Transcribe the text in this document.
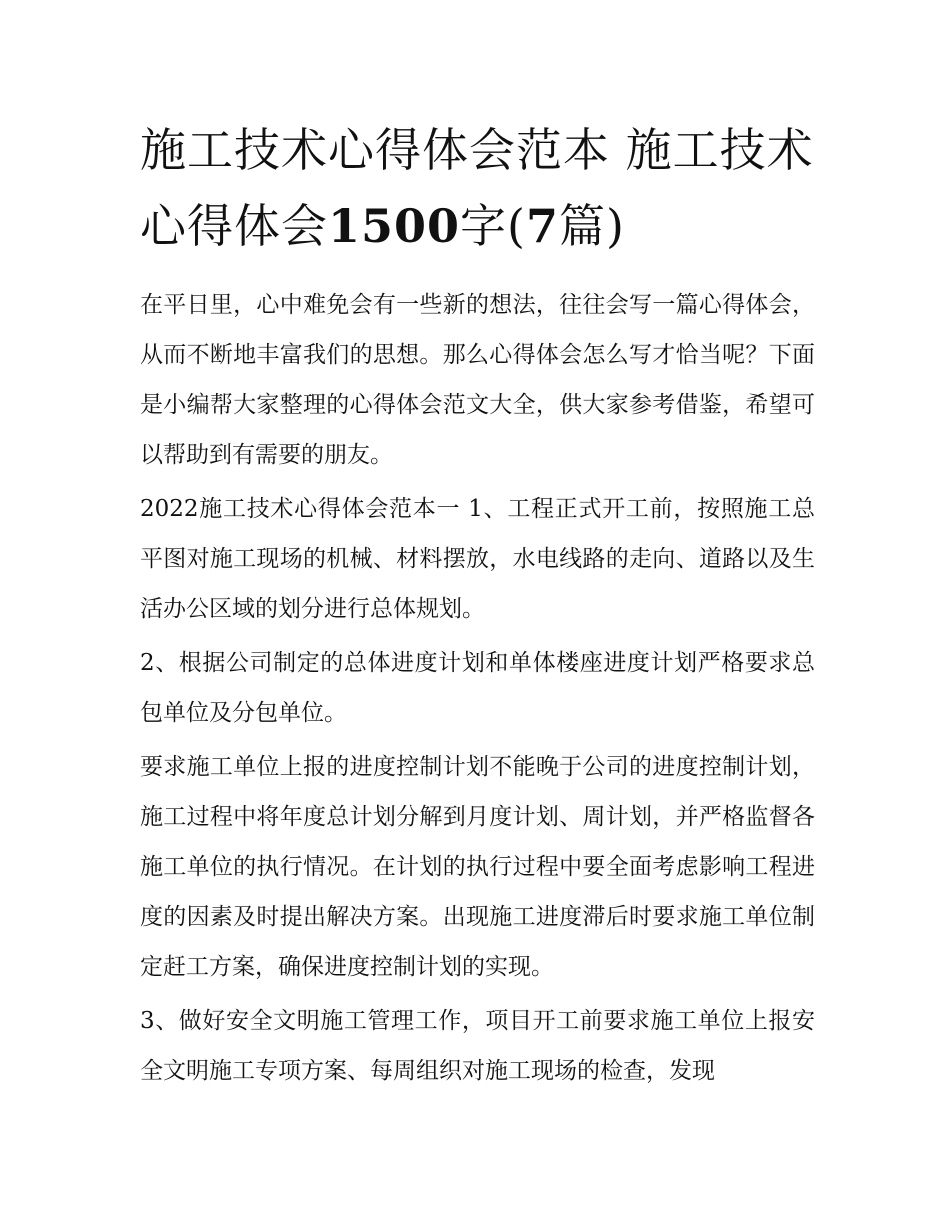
施工技术心得体会范本 施工技术心得体会1500字(7篇)

在平日里，心中难免会有一些新的想法，往往会写一篇心得体会，从而不断地丰富我们的思想。那么心得体会怎么写才恰当呢？下面是小编帮大家整理的心得体会范文大全，供大家参考借鉴，希望可以帮助到有需要的朋友。

2022施工技术心得体会范本一 1、工程正式开工前，按照施工总平图对施工现场的机械、材料摆放，水电线路的走向、道路以及生活办公区域的划分进行总体规划。

2、根据公司制定的总体进度计划和单体楼座进度计划严格要求总包单位及分包单位。

要求施工单位上报的进度控制计划不能晚于公司的进度控制计划，施工过程中将年度总计划分解到月度计划、周计划，并严格监督各施工单位的执行情况。在计划的执行过程中要全面考虑影响工程进度的因素及时提出解决方案。出现施工进度滞后时要求施工单位制定赶工方案，确保进度控制计划的实现。

3、做好安全文明施工管理工作，项目开工前要求施工单位上报安全文明施工专项方案、每周组织对施工现场的检查，发现
